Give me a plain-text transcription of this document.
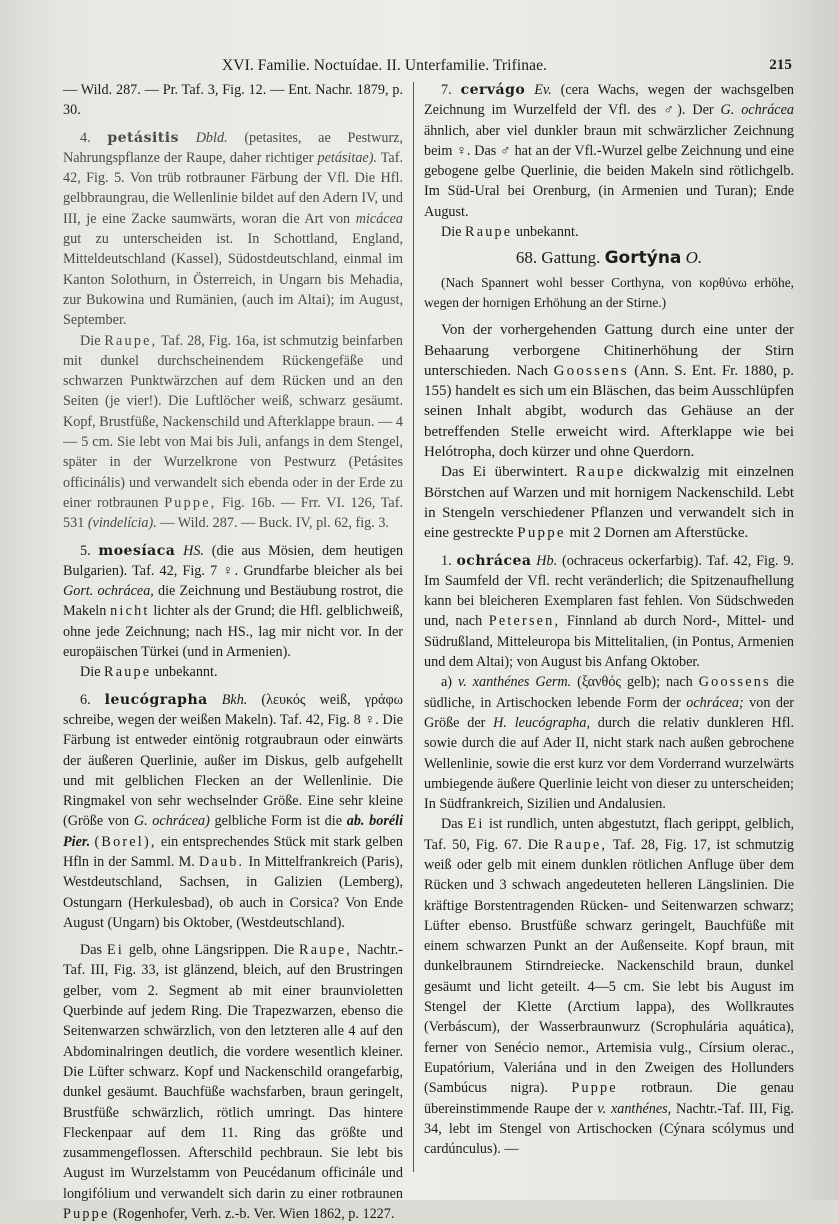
XVI. Familie. Noctuídae. II. Unterfamilie. Trifinae.	215

— Wild. 287. — Pr. Taf. 3, Fig. 12. — Ent. Nachr. 1879, p. 30.

4. petásitis Dbld. (petasites, ae Pestwurz, Nahrungspflanze der Raupe, daher richtiger petásitae). Taf. 42, Fig. 5. Von trüb rotbrauner Färbung der Vfl. Die Hfl. gelbbraungrau, die Wellenlinie bildet auf den Adern IV, und III, je eine Zacke saumwärts, woran die Art von micácea gut zu unterscheiden ist. In Schottland, England, Mitteldeutschland (Kassel), Südostdeutschland, einmal im Kanton Solothurn, in Österreich, in Ungarn bis Mehadia, zur Bukowina und Rumänien, (auch im Altai); im August, September.

Die Raupe, Taf. 28, Fig. 16a, ist schmutzig beinfarben mit dunkel durchscheinendem Rückengefäße und schwarzen Punktwärzchen auf dem Rücken und an den Seiten (je vier!). Die Luftlöcher weiß, schwarz gesäumt. Kopf, Brustfüße, Nackenschild und Afterklappe braun. — 4 — 5 cm. Sie lebt von Mai bis Juli, anfangs in dem Stengel, später in der Wurzelkrone von Pestwurz (Petásites officinális) und verwandelt sich ebenda oder in der Erde zu einer rotbraunen Puppe, Fig. 16b. — Frr. VI. 126, Taf. 531 (vindelícia). — Wild. 287. — Buck. IV, pl. 62, fig. 3.

5. moesíaca HS. (die aus Mösien, dem heutigen Bulgarien). Taf. 42, Fig. 7 ♀. Grundfarbe bleicher als bei Gort. ochrácea, die Zeichnung und Bestäubung rostrot, die Makeln nicht lichter als der Grund; die Hfl. gelblichweiß, ohne jede Zeichnung; nach HS., lag mir nicht vor. In der europäischen Türkei (und in Armenien).

Die Raupe unbekannt.

6. leucógrapha Bkh. (λευκός weiß, γράφω schreibe, wegen der weißen Makeln). Taf. 42, Fig. 8 ♀. Die Färbung ist entweder eintönig rotgraubraun oder einwärts der äußeren Querlinie, außer im Diskus, gelb aufgehellt und mit gelblichen Flecken an der Wellenlinie. Die Ringmakel von sehr wechselnder Größe. Eine sehr kleine (Größe von G. ochrácea) gelbliche Form ist die ab. boréli Pier. (Borel), ein entsprechendes Stück mit stark gelben Hfln in der Samml. M. Daub. In Mittelfrankreich (Paris), Westdeutschland, Sachsen, in Galizien (Lemberg), Ostungarn (Herkulesbad), ob auch in Corsica? Von Ende August (Ungarn) bis Oktober, (Westdeutschland).

Das Ei gelb, ohne Längsrippen. Die Raupe, Nachtr.-Taf. III, Fig. 33, ist glänzend, bleich, auf den Brustringen gelber, vom 2. Segment ab mit einer braunvioletten Querbinde auf jedem Ring. Die Trapezwarzen, ebenso die Seitenwarzen schwärzlich, von den letzteren alle 4 auf den Abdominalringen deutlich, die vordere wesentlich kleiner. Die Lüfter schwarz. Kopf und Nackenschild orangefarbig, dunkel gesäumt. Bauchfüße wachsfarben, braun geringelt, Brustfüße schwärzlich, rötlich umringt. Das hintere Fleckenpaar auf dem 11. Ring das größte und zusammengeflossen. Afterschild pechbraun. Sie lebt bis August im Wurzelstamm von Peucédanum officinále und longifólium und verwandelt sich darin zu einer rotbraunen Puppe (Rogenhofer, Verh. z.-b. Ver. Wien 1862, p. 1227.

7. cervágo Ev. (cera Wachs, wegen der wachsgelben Zeichnung im Wurzelfeld der Vfl. des ♂). Der G. ochrácea ähnlich, aber viel dunkler braun mit schwärzlicher Zeichnung beim ♀. Das ♂ hat an der Vfl.-Wurzel gelbe Zeichnung und eine gebogene gelbe Querlinie, die beiden Makeln sind rötlichgelb. Im Süd-Ural bei Orenburg, (in Armenien und Turan); Ende August.

Die Raupe unbekannt.

68. Gattung. Gortýna O.

(Nach Spannert wohl besser Corthyna, von κορθύνω erhöhe, wegen der hornigen Erhöhung an der Stirne.)

Von der vorhergehenden Gattung durch eine unter der Behaarung verborgene Chitinerhöhung der Stirn unterschieden. Nach Goossens (Ann. S. Ent. Fr. 1880, p. 155) handelt es sich um ein Bläschen, das beim Ausschlüpfen seinen Inhalt abgibt, wodurch das Gehäuse an der betreffenden Stelle erweicht wird. Afterklappe wie bei Helótropha, doch kürzer und ohne Querdorn.

Das Ei überwintert. Raupe dickwalzig mit einzelnen Börstchen auf Warzen und mit hornigem Nackenschild. Lebt in Stengeln verschiedener Pflanzen und verwandelt sich in eine gestreckte Puppe mit 2 Dornen am Afterstücke.

1. ochrácea Hb. (ochraceus ockerfarbig). Taf. 42, Fig. 9. Im Saumfeld der Vfl. recht veränderlich; die Spitzenaufhellung kann bei bleicheren Exemplaren fast fehlen. Von Südschweden und, nach Petersen, Finnland ab durch Nord-, Mittel- und Südrußland, Mitteleuropa bis Mittelitalien, (in Pontus, Armenien und dem Altai); von August bis Anfang Oktober.

a) v. xanthénes Germ. (ξανθός gelb); nach Goossens die südliche, in Artischocken lebende Form der ochrácea; von der Größe der H. leucógrapha, durch die relativ dunkleren Hfl. sowie durch die auf Ader II, nicht stark nach außen gebrochene Wellenlinie, sowie die erst kurz vor dem Vorderrand wurzelwärts umbiegende äußere Querlinie leicht von dieser zu unterscheiden; In Südfrankreich, Sizilien und Andalusien.

Das Ei ist rundlich, unten abgestutzt, flach gerippt, gelblich, Taf. 50, Fig. 67. Die Raupe, Taf. 28, Fig. 17, ist schmutzig weiß oder gelb mit einem dunklen rötlichen Anfluge über dem Rücken und 3 schwach angedeuteten helleren Längslinien. Die kräftige Borstentragenden Rücken- und Seitenwarzen schwarz; Lüfter ebenso. Brustfüße schwarz geringelt, Bauchfüße mit einem schwarzen Punkt an der Außenseite. Kopf braun, mit dunkelbraunem Stirndreiecke. Nackenschild braun, dunkel gesäumt und licht geteilt. 4—5 cm. Sie lebt bis August im Stengel der Klette (Arctium lappa), des Wollkrautes (Verbáscum), der Wasserbraunwurz (Scrophulária aquática), ferner von Senécio nemor., Artemisia vulg., Círsium olerac., Eupatórium, Valeriána und in den Zweigen des Hollunders (Sambúcus nigra). Puppe rotbraun. Die genau übereinstimmende Raupe der v. xanthénes, Nachtr.-Taf. III, Fig. 34, lebt im Stengel von Artischocken (Cýnara scólymus und cardúnculus). —
